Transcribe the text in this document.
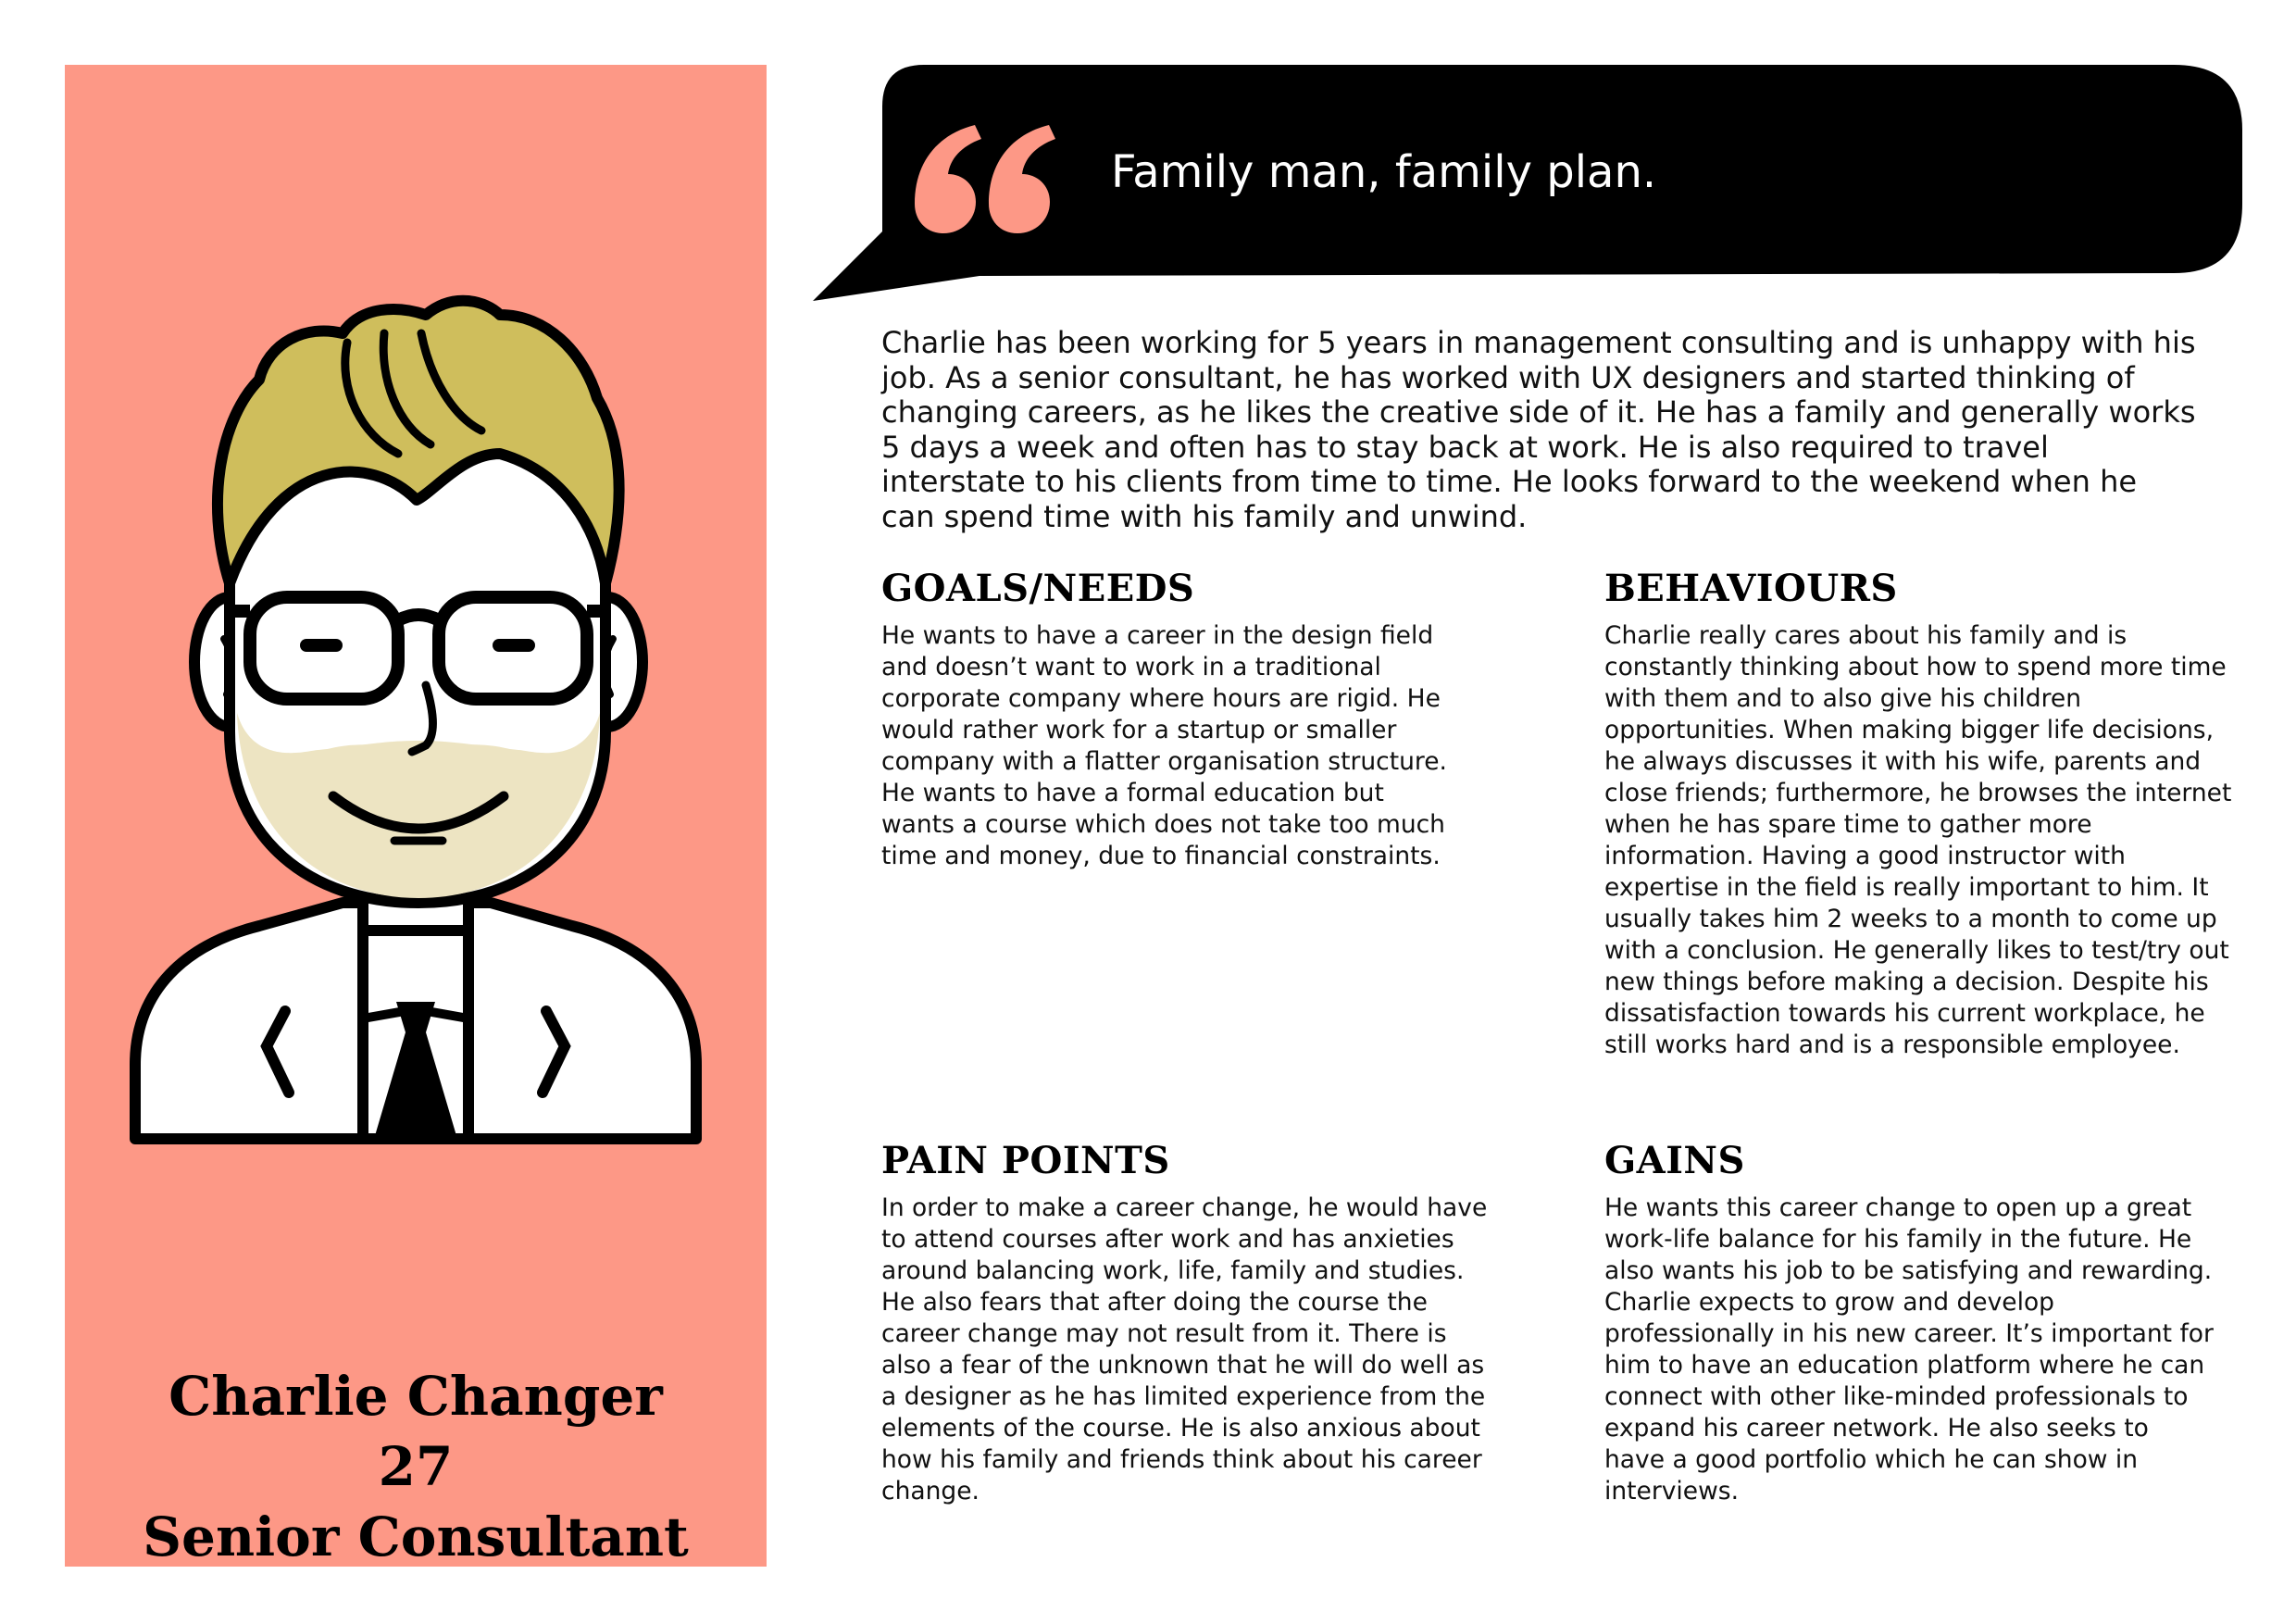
Charlie Changer
27
Senior Consultant
Family man, family plan.

Charlie has been working for 5 years in management consulting and is unhappy with his job. As a senior consultant, he has worked with UX designers and started thinking of changing careers, as he likes the creative side of it. He has a family and generally works 5 days a week and often has to stay back at work. He is also required to travel interstate to his clients from time to time. He looks forward to the weekend when he can spend time with his family and unwind.

GOALS/NEEDS

He wants to have a career in the design field and doesn’t want to work in a traditional corporate company where hours are rigid. He would rather work for a startup or smaller company with a flatter organisation structure. He wants to have a formal education but wants a course which does not take too much time and money, due to financial constraints.

BEHAVIOURS

Charlie really cares about his family and is constantly thinking about how to spend more time with them and to also give his children opportunities. When making bigger life decisions, he always discusses it with his wife, parents and close friends; furthermore, he browses the internet when he has spare time to gather more information. Having a good instructor with expertise in the field is really important to him. It usually takes him 2 weeks to a month to come up with a conclusion. He generally likes to test/try out new things before making a decision. Despite his dissatisfaction towards his current workplace, he still works hard and is a responsible employee.

PAIN POINTS

In order to make a career change, he would have to attend courses after work and has anxieties around balancing work, life, family and studies. He also fears that after doing the course the career change may not result from it. There is also a fear of the unknown that he will do well as a designer as he has limited experience from the elements of the course. He is also anxious about how his family and friends think about his career change.

GAINS

He wants this career change to open up a great work-life balance for his family in the future. He also wants his job to be satisfying and rewarding. Charlie expects to grow and develop professionally in his new career. It’s important for him to have an education platform where he can connect with other like-minded professionals to expand his career network. He also seeks to have a good portfolio which he can show in interviews.
